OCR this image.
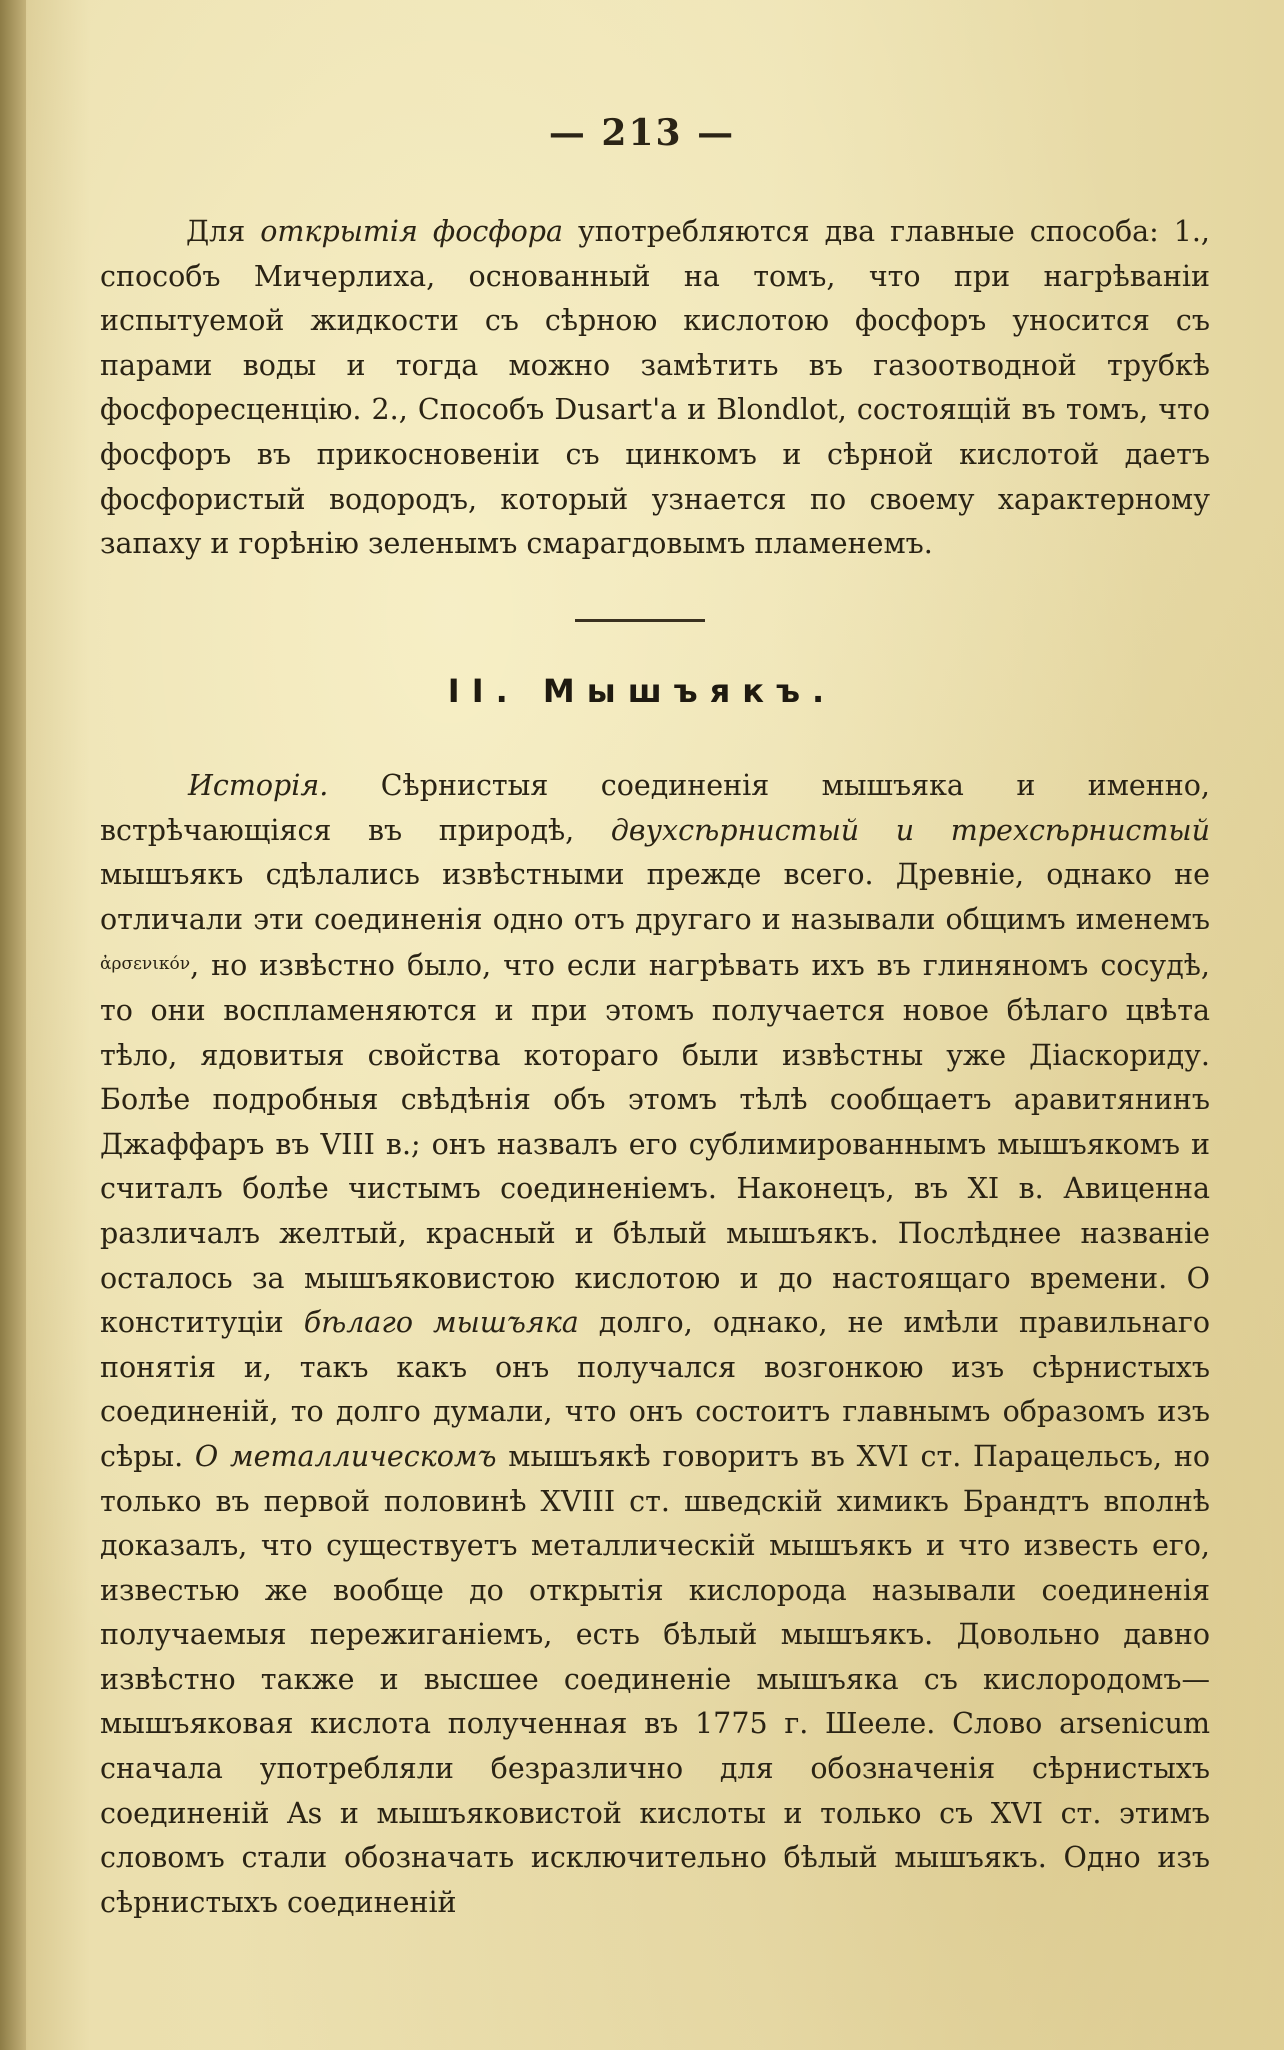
— 213 —

Для открытія фосфора употребляются два главные способа: 1., способъ Мичерлиха, основанный на томъ, что при нагрѣваніи испытуемой жидкости съ сѣрною кислотою фосфоръ уносится съ парами воды и тогда можно замѣтить въ газоотводной трубкѣ фосфоресценцію. 2., Способъ Dusart'а и Blondlot, состоящій въ томъ, что фосфоръ въ прикосновеніи съ цинкомъ и сѣрной кислотой даетъ фосфористый водородъ, который узнается по своему характерному запаху и горѣнію зеленымъ смарагдовымъ пламенемъ.

II. Мышъякъ.

Исторія. Сѣрнистыя соединенія мышъяка и именно, встрѣчающіяся въ природѣ, двухсѣрнистый и трехсѣрнистый мышъякъ сдѣлались извѣстными прежде всего. Древніе, однако не отличали эти соединенія одно отъ другаго и называли общимъ именемъ $^{ἀ\rho\sigma\varepsilon\nu\iota\kappa ό\nu}$, но извѣстно было, что если нагрѣвать ихъ въ глиняномъ сосудѣ, то они воспламеняются и при этомъ получается новое бѣлаго цвѣта тѣло, ядовитыя свойства котораго были извѣстны уже Діаскориду. Болѣе подробныя свѣдѣнія объ этомъ тѣлѣ сообщаетъ аравитянинъ Джаффаръ въ VIII в.; онъ назвалъ его сублимированнымъ мышъякомъ и считалъ болѣе чистымъ соединеніемъ. Наконецъ, въ XI в. Авиценна различалъ желтый, красный и бѣлый мышъякъ. Послѣднее названіе осталось за мышъяковистою кислотою и до настоящаго времени. О конституціи бѣлаго мышъяка долго, однако, не имѣли правильнаго понятія и, такъ какъ онъ получался возгонкою изъ сѣрнистыхъ соединеній, то долго думали, что онъ состоитъ главнымъ образомъ изъ сѣры. О металлическомъ мышъякѣ говоритъ въ XVI ст. Парацельсъ, но только въ первой половинѣ XVIII ст. шведскій химикъ Брандтъ вполнѣ доказалъ, что существуетъ металлическій мышъякъ и что известь его, известью же вообще до открытія кислорода называли соединенія получаемыя пережиганіемъ, есть бѣлый мышъякъ. Довольно давно извѣстно также и высшее соединеніе мышъяка съ кислородомъ—мышъяковая кислота полученная въ 1775 г. Шееле. Слово arsenicum сначала употребляли безразлично для обозначенія сѣрнистыхъ соединеній As и мышъяковистой кислоты и только съ XVI ст. этимъ словомъ стали обозначать исключительно бѣлый мышъякъ. Одно изъ сѣрнистыхъ соединеній
